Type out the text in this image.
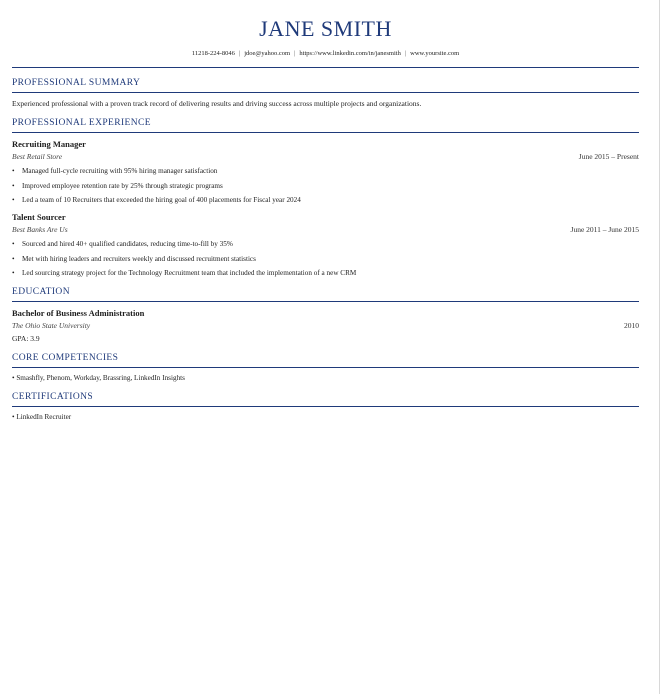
JANE SMITH
11218-224-8046 | jdoe@yahoo.com | https://www.linkedin.com/in/janesmith | www.yoursite.com
PROFESSIONAL SUMMARY
Experienced professional with a proven track record of delivering results and driving success across multiple projects and organizations.
PROFESSIONAL EXPERIENCE
Recruiting Manager
Best Retail Store	June 2015 – Present
• Managed full-cycle recruiting with 95% hiring manager satisfaction
• Improved employee retention rate by 25% through strategic programs
• Led a team of 10 Recruiters that exceeded the hiring goal of 400 placements for Fiscal year 2024
Talent Sourcer
Best Banks Are Us	June 2011 – June 2015
• Sourced and hired 40+ qualified candidates, reducing time-to-fill by 35%
• Met with hiring leaders and recruiters weekly and discussed recruitment statistics
• Led sourcing strategy project for the Technology Recruitment team that included the implementation of a new CRM
EDUCATION
Bachelor of Business Administration
The Ohio State University	2010
GPA: 3.9
CORE COMPETENCIES
• Smashfly, Phenom, Workday, Brassring, LinkedIn Insights
CERTIFICATIONS
• LinkedIn Recruiter
